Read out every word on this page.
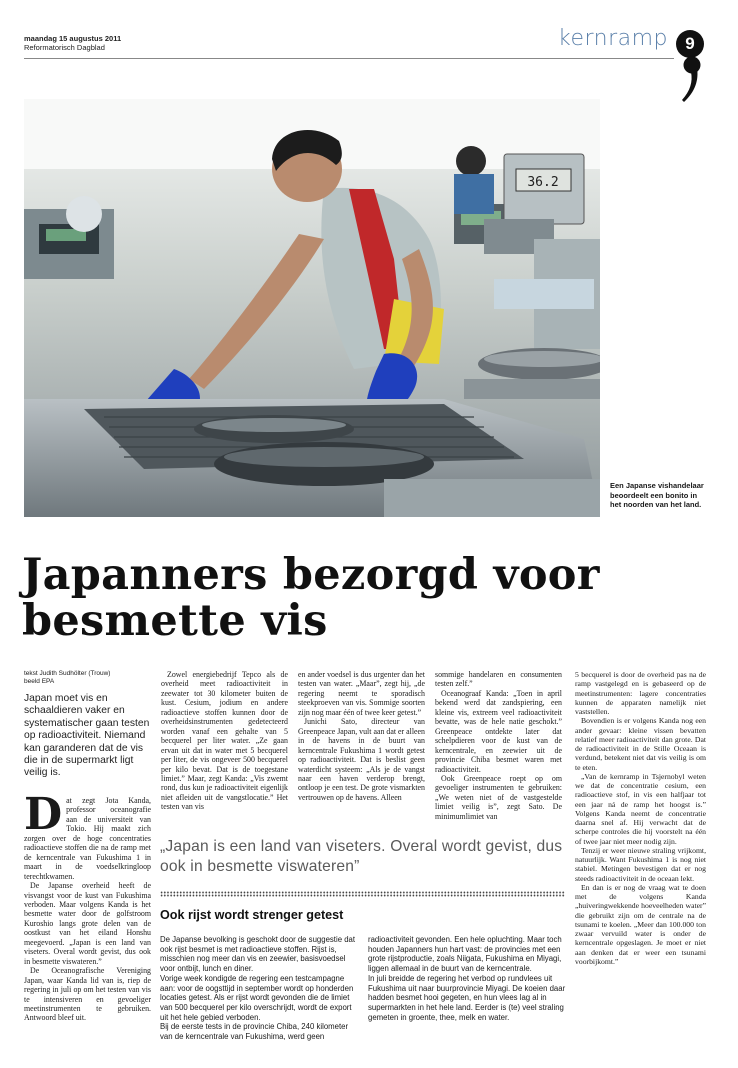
maandag 15 augustus 2011
Reformatorisch Dagblad	kernramp	9
36.2
Een Japanse vishandelaar beoordeelt een bonito in het noorden van het land.
Japanners bezorgd voor
besmette vis
tekst Judith Sudhölter (Trouw)
beeld EPA
Japan moet vis en schaaldieren vaker en systematischer gaan testen op radioactiviteit. Niemand kan garanderen dat de vis die in de supermarkt ligt veilig is.

Dat zegt Jota Kanda, professor oceanografie aan de universiteit van Tokio. Hij maakt zich zorgen over de hoge concentraties radioactieve stoffen die na de ramp met de kerncentrale van Fukushima 1 in maart in de voedselkringloop terechtkwamen.

De Japanse overheid heeft de visvangst voor de kust van Fukushima verboden. Maar volgens Kanda is het besmette water door de golfstroom Kuroshio langs grote delen van de oostkust van het eiland Honshu meegevoerd. „Japan is een land van viseters. Overal wordt gevist, dus ook in besmette viswateren.”

De Oceanografische Vereniging Japan, waar Kanda lid van is, riep de regering in juli op om het testen van vis te intensiveren en gevoeliger meetinstrumenten te gebruiken. Antwoord bleef uit.

Zowel energiebedrijf Tepco als de overheid meet radioactiviteit in zeewater tot 30 kilometer buiten de kust. Cesium, jodium en andere radioactieve stoffen kunnen door de overheidsinstrumenten gedetecteerd worden vanaf een gehalte van 5 becquerel per liter water. „Ze gaan ervan uit dat in water met 5 becquerel per liter, de vis ongeveer 500 becquerel per kilo bevat. Dat is de toegestane limiet.” Maar, zegt Kanda: „Vis zwemt rond, dus kun je radioactiviteit eigenlijk niet afleiden uit de vangstlocatie.” Het testen van vis

en ander voedsel is dus urgenter dan het testen van water. „Maar”, zegt hij, „de regering neemt te sporadisch steekproeven van vis. Sommige soorten zijn nog maar één of twee keer getest.”

Junichi Sato, directeur van Greenpeace Japan, vult aan dat er alleen in de havens in de buurt van kerncentrale Fukushima 1 wordt getest op radioactiviteit. Dat is beslist geen waterdicht systeem: „Als je de vangst naar een haven verderop brengt, ontloop je een test. De grote vismarkten vertrouwen op de havens. Alleen

sommige handelaren en consumenten testen zelf.”

Oceanograaf Kanda: „Toen in april bekend werd dat zandspiering, een kleine vis, extreem veel radioactiviteit bevatte, was de hele natie geschokt.” Greenpeace ontdekte later dat schelpdieren voor de kust van de kerncentrale, en zeewier uit de provincie Chiba besmet waren met radioactiviteit.

Ook Greenpeace roept op om gevoeliger instrumenten te gebruiken: „We weten niet of de vastgestelde limiet veilig is”, zegt Sato. De minimumlimiet van

5 becquerel is door de overheid pas na de ramp vastgelegd en is gebaseerd op de meetinstrumenten: lagere concentraties kunnen de apparaten namelijk niet vaststellen.

Bovendien is er volgens Kanda nog een ander gevaar: kleine vissen bevatten relatief meer radioactiviteit dan grote. Dat de radioactiviteit in de Stille Oceaan is verdund, betekent niet dat vis veilig is om te eten.

„Van de kernramp in Tsjernobyl weten we dat de concentratie cesium, een radioactieve stof, in vis een halfjaar tot een jaar ná de ramp het hoogst is.” Volgens Kanda neemt de concentratie daarna snel af. Hij verwacht dat de scherpe controles die hij voorstelt na één of twee jaar niet meer nodig zijn.

Tenzij er weer nieuwe straling vrijkomt, natuurlijk. Want Fukushima 1 is nog niet stabiel. Metingen bevestigen dat er nog steeds radioactiviteit in de oceaan lekt.

En dan is er nog de vraag wat te doen met de volgens Kanda „huiveringwekkende hoeveelheden water” die gebruikt zijn om de centrale na de tsunami te koelen. „Meer dan 100.000 ton zwaar vervuild water is onder de kerncentrale opgeslagen. Je moet er niet aan denken dat er weer een tsunami voorbijkomt.”

„Japan is een land van viseters. Overal wordt gevist, dus ook in besmette viswateren”
Ook rijst wordt strenger getest
De Japanse bevolking is geschokt door de suggestie dat ook rijst besmet is met radioactieve stoffen. Rijst is, misschien nog meer dan vis en zeewier, basisvoedsel voor ontbijt, lunch en diner.
Vorige week kondigde de regering een testcampagne aan: voor de oogsttijd in september wordt op honderden locaties getest. Als er rijst wordt gevonden die de limiet van 500 becquerel per kilo overschrijdt, wordt de export uit het hele gebied verboden.
Bij de eerste tests in de provincie Chiba, 240 kilometer van de kerncentrale van Fukushima, werd geen
radioactiviteit gevonden. Een hele opluchting. Maar toch houden Japanners hun hart vast: de provincies met een grote rijstproductie, zoals Niigata, Fukushima en Miyagi, liggen allemaal in de buurt van de kerncentrale.
In juli breidde de regering het verbod op rundvlees uit Fukushima uit naar buurprovincie Miyagi. De koeien daar hadden besmet hooi gegeten, en hun vlees lag al in supermarkten in het hele land. Eerder is (te) veel straling gemeten in groente, thee, melk en water.
